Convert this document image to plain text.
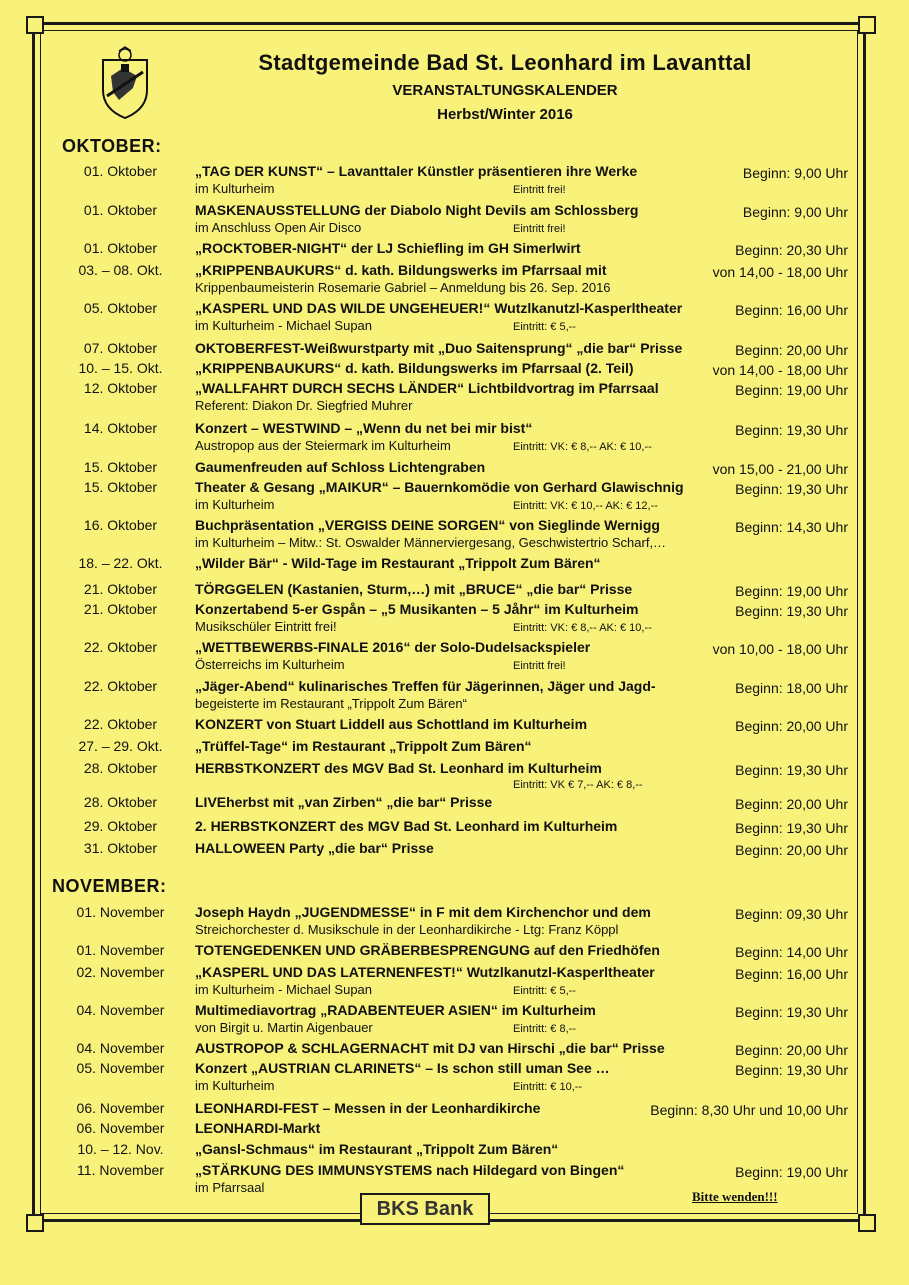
Stadtgemeinde Bad St. Leonhard im Lavanttal
VERANSTALTUNGSKALENDER
Herbst/Winter 2016
OKTOBER:
01. Oktober	„TAG DER KUNST“ – Lavanttaler Künstler präsentieren ihre Werke
im Kulturheim	Eintritt frei!
Beginn: 9,00 Uhr
01. Oktober	MASKENAUSSTELLUNG der Diabolo Night Devils am Schlossberg
im Anschluss Open Air Disco	Eintritt frei!
Beginn: 9,00 Uhr
01. Oktober	„ROCKTOBER-NIGHT“ der LJ Schiefling im GH Simerlwirt	Beginn: 20,30 Uhr
03. – 08. Okt.	„KRIPPENBAUKURS“ d. kath. Bildungswerks im Pfarrsaal mit
Krippenbaumeisterin Rosemarie Gabriel – Anmeldung bis 26. Sep. 2016
von 14,00 - 18,00 Uhr
05. Oktober	„KASPERL UND DAS WILDE UNGEHEUER!“ Wutzlkanutzl-Kasperltheater
im Kulturheim - Michael Supan	Eintritt: € 5,--
Beginn: 16,00 Uhr
07. Oktober	OKTOBERFEST-Weißwurstparty mit „Duo Saitensprung“ „die bar“ Prisse	Beginn: 20,00 Uhr
10. – 15. Okt.	„KRIPPENBAUKURS“ d. kath. Bildungswerks im Pfarrsaal (2. Teil)	von 14,00 - 18,00 Uhr
12. Oktober	„WALLFAHRT DURCH SECHS LÄNDER“ Lichtbildvortrag im Pfarrsaal
Referent: Diakon Dr. Siegfried Muhrer
Beginn: 19,00 Uhr
14. Oktober	Konzert – WESTWIND – „Wenn du net bei mir bist“
Austropop aus der Steiermark im Kulturheim	Eintritt: VK: € 8,-- AK: € 10,--
Beginn: 19,30 Uhr
15. Oktober	Gaumenfreuden auf Schloss Lichtengraben	von 15,00 - 21,00 Uhr
15. Oktober	Theater & Gesang „MAIKUR“ – Bauernkomödie von Gerhard Glawischnig
im Kulturheim	Eintritt: VK: € 10,-- AK: € 12,--
Beginn: 19,30 Uhr
16. Oktober	Buchpräsentation „VERGISS DEINE SORGEN“ von Sieglinde Wernigg
im Kulturheim – Mitw.: St. Oswalder Männerviergesang, Geschwistertrio Scharf,…
Beginn: 14,30 Uhr
18. – 22. Okt.	„Wilder Bär“ - Wild-Tage im Restaurant „Trippolt Zum Bären“
21. Oktober	TÖRGGELEN (Kastanien, Sturm,…) mit „BRUCE“ „die bar“ Prisse	Beginn: 19,00 Uhr
21. Oktober	Konzertabend 5-er Gspån – „5 Musikanten – 5 Jåhr“ im Kulturheim
Musikschüler Eintritt frei!	Eintritt: VK: € 8,-- AK: € 10,--
Beginn: 19,30 Uhr
22. Oktober	„WETTBEWERBS-FINALE 2016“ der Solo-Dudelsackspieler
Österreichs im Kulturheim	Eintritt frei!
von 10,00 - 18,00 Uhr
22. Oktober	„Jäger-Abend“ kulinarisches Treffen für Jägerinnen, Jäger und Jagd-
begeisterte im Restaurant „Trippolt Zum Bären“
Beginn: 18,00 Uhr
22. Oktober	KONZERT von Stuart Liddell aus Schottland im Kulturheim	Beginn: 20,00 Uhr
27. – 29. Okt.	„Trüffel-Tage“ im Restaurant „Trippolt Zum Bären“
28. Oktober	HERBSTKONZERT des MGV Bad St. Leonhard im Kulturheim
Eintritt: VK € 7,-- AK: € 8,--
Beginn: 19,30 Uhr
28. Oktober	LIVEherbst mit „van Zirben“ „die bar“ Prisse	Beginn: 20,00 Uhr
29. Oktober	2. HERBSTKONZERT des MGV Bad St. Leonhard im Kulturheim	Beginn: 19,30 Uhr
31. Oktober	HALLOWEEN Party „die bar“ Prisse	Beginn: 20,00 Uhr
NOVEMBER:
01. November	Joseph Haydn „JUGENDMESSE“ in F mit dem Kirchenchor und dem
Streichorchester d. Musikschule in der Leonhardikirche - Ltg: Franz Köppl
Beginn: 09,30 Uhr
01. November	TOTENGEDENKEN UND GRÄBERBESPRENGUNG auf den Friedhöfen	Beginn: 14,00 Uhr
02. November	„KASPERL UND DAS LATERNENFEST!“ Wutzlkanutzl-Kasperltheater
im Kulturheim - Michael Supan	Eintritt: € 5,--
Beginn: 16,00 Uhr
04. November	Multimediavortrag „RADABENTEUER ASIEN“ im Kulturheim
von Birgit u. Martin Aigenbauer	Eintritt: € 8,--
Beginn: 19,30 Uhr
04. November	AUSTROPOP & SCHLAGERNACHT mit DJ van Hirschi „die bar“ Prisse	Beginn: 20,00 Uhr
05. November	Konzert „AUSTRIAN CLARINETS“ – Is schon still uman See …
im Kulturheim	Eintritt: € 10,--
Beginn: 19,30 Uhr
06. November	LEONHARDI-FEST – Messen in der Leonhardikirche	Beginn: 8,30 Uhr und 10,00 Uhr
06. November	LEONHARDI-Markt
10. – 12. Nov.	„Gansl-Schmaus“ im Restaurant „Trippolt Zum Bären“
11. November	„STÄRKUNG DES IMMUNSYSTEMS nach Hildegard von Bingen“
im Pfarrsaal
Beginn: 19,00 Uhr
BKS Bank
Bitte wenden!!!
